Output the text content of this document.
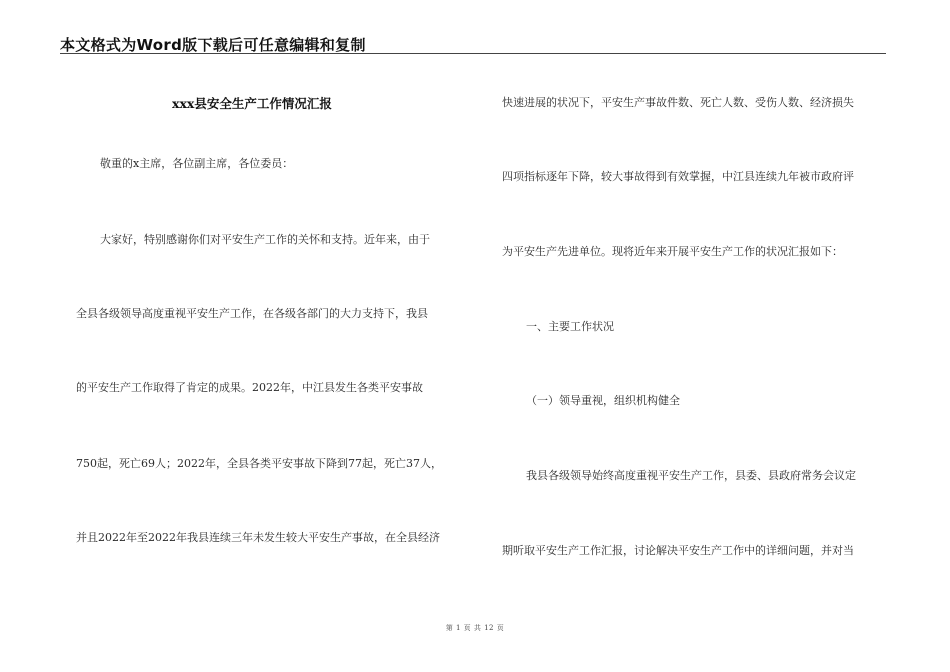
本文格式为Word版下载后可任意编辑和复制
xxx县安全生产工作情况汇报
敬重的x主席，各位副主席，各位委员：
大家好，特别感谢你们对平安生产工作的关怀和支持。近年来，由于
全县各级领导高度重视平安生产工作，在各级各部门的大力支持下，我县
的平安生产工作取得了肯定的成果。2022年，中江县发生各类平安事故
750起，死亡69人；2022年，全县各类平安事故下降到77起，死亡37人，
并且2022年至2022年我县连续三年未发生较大平安生产事故，在全县经济
快速进展的状况下，平安生产事故件数、死亡人数、受伤人数、经济损失
四项指标逐年下降，较大事故得到有效掌握，中江县连续九年被市政府评
为平安生产先进单位。现将近年来开展平安生产工作的状况汇报如下：
一、主要工作状况
（一）领导重视，组织机构健全
我县各级领导始终高度重视平安生产工作，县委、县政府常务会议定
期听取平安生产工作汇报，讨论解决平安生产工作中的详细问题，并对当
第 1 页 共 12 页
